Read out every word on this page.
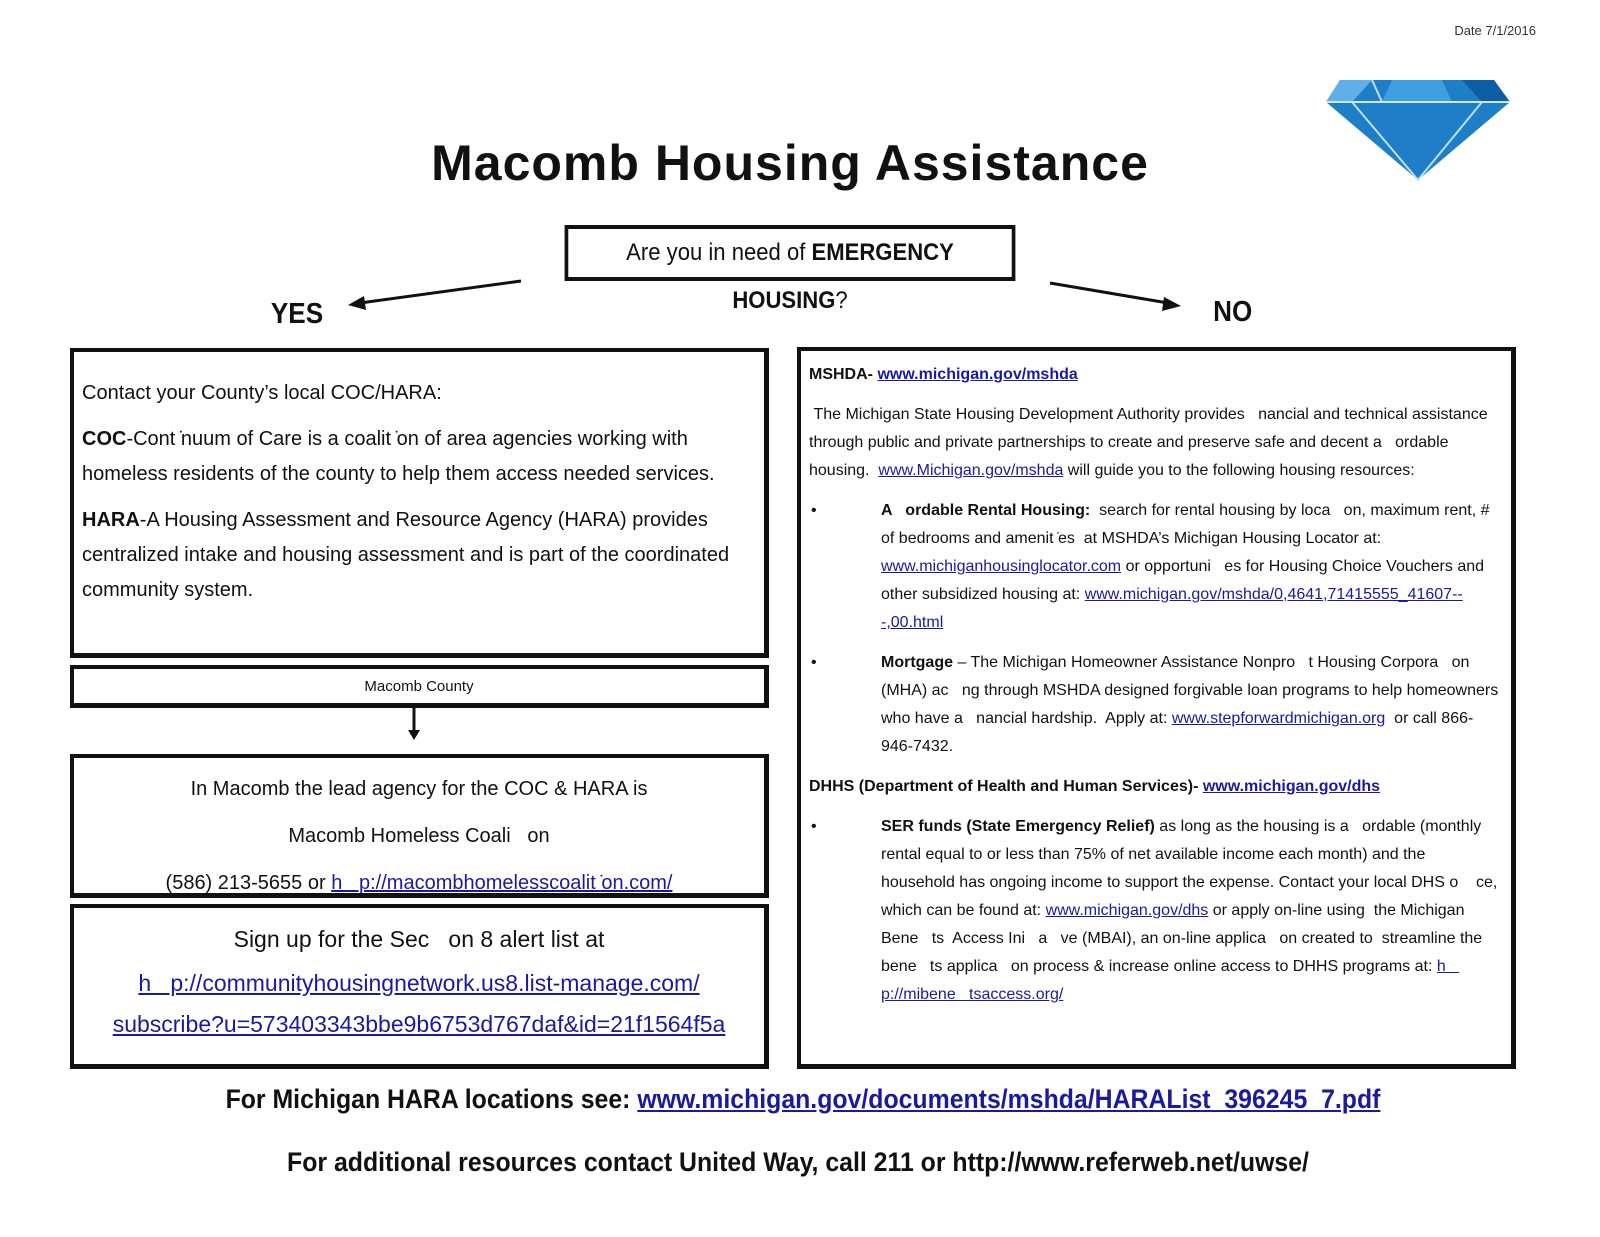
Date 7/1/2016
Macomb Housing Assistance
Are you in need of EMERGENCY HOUSING?
YES	NO

Contact your County’s local COC/HARA:

COC-Cont ̇nuum of Care is a coalit ̇on of area agencies working with homeless residents of the county to help them access needed services.

HARA-A Housing Assessment and Resource Agency (HARA) provides centralized intake and housing assessment and is part of the coordinated community system.

Macomb County
In Macomb the lead agency for the COC & HARA is
Macomb Homeless Coali   on
(586) 213-5655 or h   p://macombhomelesscoalit ̇on.com/
Sign up for the Sec   on 8 alert list at
h   p://communityhousingnetwork.us8.list-manage.com/
subscribe?u=573403343bbe9b6753d767daf&id=21f1564f5a

MSHDA- www.michigan.gov/mshda

The Michigan State Housing Development Authority provides   nancial and technical assistance through public and private partnerships to create and preserve safe and decent a   ordable housing.  www.Michigan.gov/mshda will guide you to the following housing resources:

•	A   ordable Rental Housing:  search for rental housing by loca   on, maximum rent, # of bedrooms and amenit ̇es  at MSHDA’s Michigan Housing Locator at: www.michiganhousinglocator.com or opportuni   es for Housing Choice Vouchers and other subsidized housing at: www.michigan.gov/mshda/0,4641,71415555_41607---,00.html
•	Mortgage – The Michigan Homeowner Assistance Nonpro   t Housing Corpora   on (MHA) ac   ng through MSHDA designed forgivable loan programs to help homeowners who have a   nancial hardship.  Apply at: www.stepforwardmichigan.org  or call 866-946-7432.

DHHS (Department of Health and Human Services)- www.michigan.gov/dhs

•	SER funds (State Emergency Relief) as long as the housing is a   ordable (monthly rental equal to or less than 75% of net available income each month) and the household has ongoing income to support the expense. Contact your local DHS o    ce, which can be found at: www.michigan.gov/dhs or apply on-line using  the Michigan Bene   ts  Access Ini   a   ve (MBAI), an on-line applica   on created to  streamline the bene   ts applica   on process & increase online access to DHHS programs at: h   p://mibene   tsaccess.org/
For Michigan HARA locations see: www.michigan.gov/documents/mshda/HARAList_396245_7.pdf
For additional resources contact United Way, call 211 or http://www.referweb.net/uwse/
